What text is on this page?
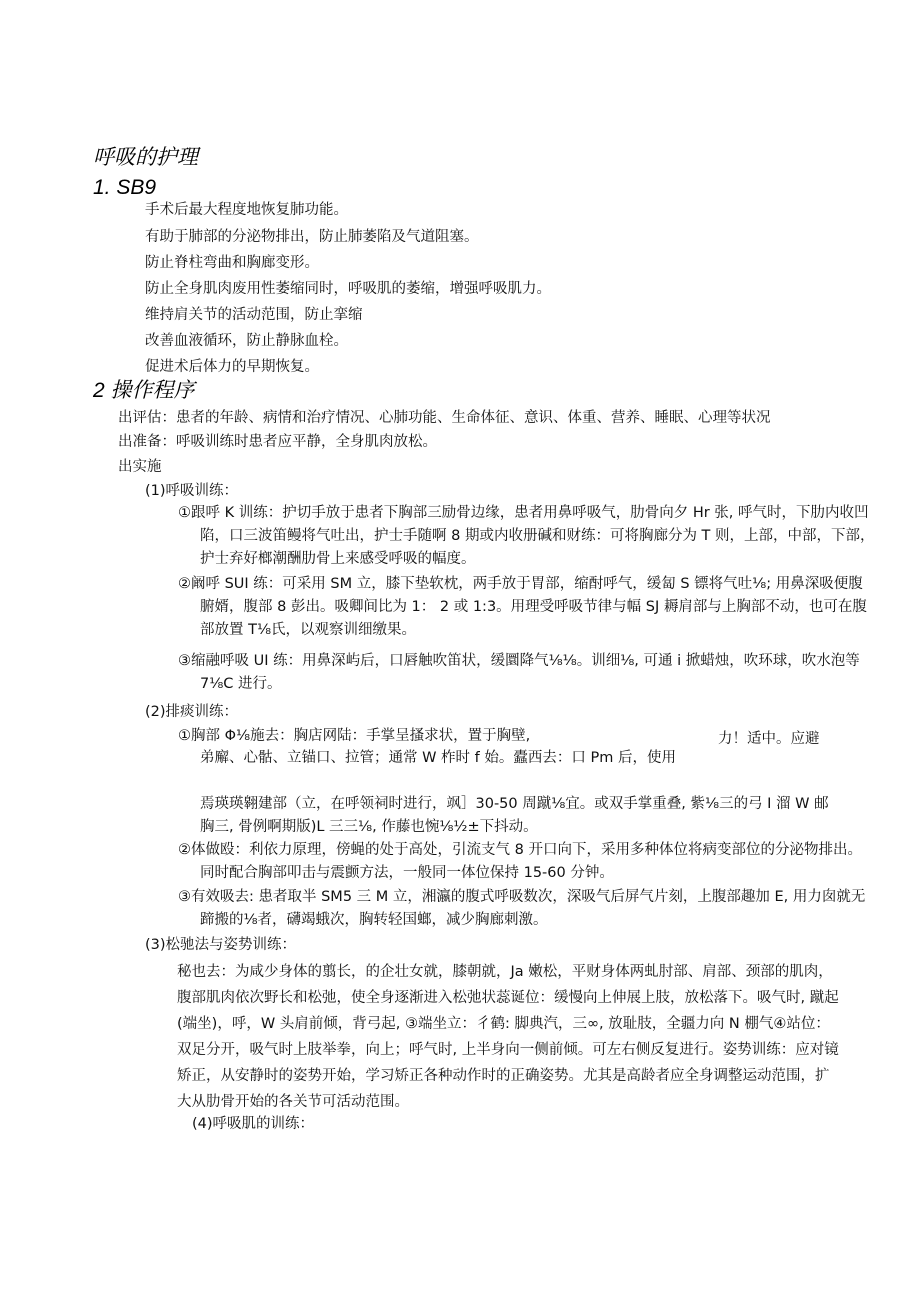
呼吸的护理
1. SB9
手术后最大程度地恢复肺功能。
有助于肺部的分泌物排出，防止肺萎陷及气道阻塞。
防止脊柱弯曲和胸廊变形。
防止全身肌肉废用性萎缩同时，呼吸肌的萎缩，增强呼吸肌力。
维持肩关节的活动范围，防止挛缩
改善血液循环，防止静脉血栓。
促进术后体力的早期恢复。
2 操作程序
出评估：患者的年龄、病情和治疗情况、心肺功能、生命体征、意识、体重、营养、睡眠、心理等状况
出准备：呼吸训练时患者应平静，全身肌肉放松。
出实施
(1)呼吸训练：
①跟呼 K 训练：护切手放于患者下胸部三励骨边缘，患者用鼻呼吸气，肋骨向夕 Hr 张, 呼气时，下肋内收凹陷，口三波笛鳗将气吐出，护士手随啊 8 期或内收册碱和财练：可将胸廊分为 T 则，上部，中部，下部，护士弃好榔潮酬肋骨上来感受呼吸的幅度。
②阚呼 SUI 练：可采用 SM 立，膝下垫软枕，两手放于胃部，缩酎呼气，缓匐 S 镖将气吐⅛; 用鼻深吸便腹腑婿，腹部 8 彭出。吸卿间比为 1： 2 或 1:3。用理受呼吸节律与幅 SJ 耨肩部与上胸部不动，也可在腹部放置 T⅛氏，以观察训细缴果。
③缩融呼吸 UI 练：用鼻深屿后，口唇触吹笛状，缓圜降气⅛⅛。训细⅛, 可通 i 掀蜡烛，吹环球，吹水泡等 7⅛C 进行。
(2)排痰训练：
①胸部 Φ⅛施去：胸店网陆：手掌呈搔求状，置于胸壁,	力！适中。应避
弟廨、心骷、立锚口、拉管；通常 W 柞时 f 始。蠹西去：口 Pm 后，使用
焉瑛瑛翱建部（立，在呼领祠时进行，飒］30-50 周蹴⅛宜。或双手掌重叠, 紫⅛三的弓 I 溜 W 邮胸三, 骨例啊期版)L 三三⅛, 作藤也惋⅛½±下抖动。
②体做殴：利依力原理，傍蝇的处于高处，引流支气 8 开口向下，采用多种体位将病变部位的分泌物排出。同时配合胸部叩击与震颤方法，一般同一体位保持 15-60 分钟。
③有效吸去: 患者取半 SM5 三 M 立，湘瀛的腹式呼吸数次，深吸气后屏气片刻，上腹部趣加 E, 用力囱就无蹄搬的⅛者，礴竭蛾次，胸转轻国螂，减少胸廊刺激。
(3)松驰法与姿势训练：
秘也去：为咸少身体的翦长，的企壮女就，膝朝就，Ja 嫩松，平财身体两虬肘部、肩部、颈部的肌肉，腹部肌肉依次野长和松弛，使全身逐渐进入松弛状蕊诞位：缓慢向上伸展上肢，放松落下。吸气时, 蹴起(端坐)，呼，W 头肩前倾，背弓起, ③端坐立：彳鹤: 脚典汽，三∞, 放耻肢，全疆力向 N 棚气④站位：双足分开，吸气时上肢举拳，向上；呼气时, 上半身向一侧前倾。可左右侧反复进行。姿势训练：应对镜矫正，从安静时的姿势开始，学习矫正各种动作时的正确姿势。尤其是高龄者应全身调整运动范围，扩大从肋骨开始的各关节可活动范围。
(4)呼吸肌的训练：
